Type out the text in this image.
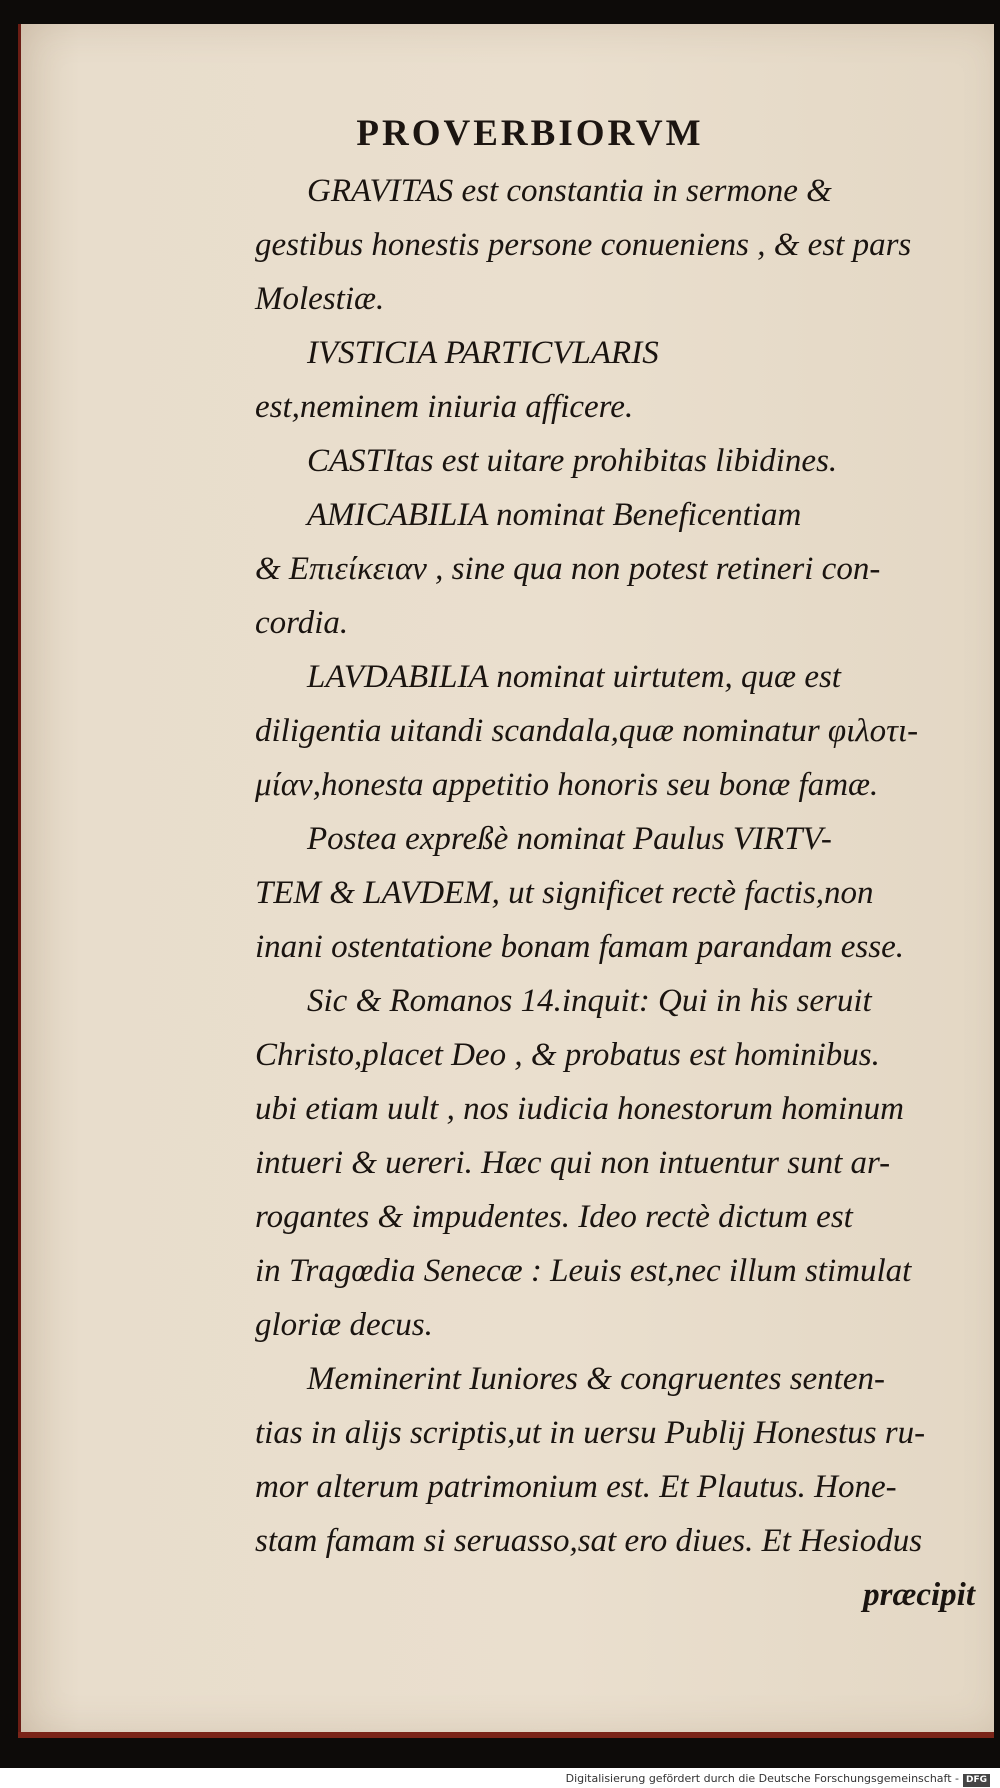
PROVERBIORVM
GRAVITAS est constantia in sermone &
gestibus honestis persone conueniens , & est pars
Molestiæ.
IVSTICIA PARTICVLARIS
est,neminem iniuria afficere.
CASTItas est uitare prohibitas libidines.
AMICABILIA nominat Beneficentiam
& Επιείκειαν , sine qua non potest retineri con-
cordia.
LAVDABILIA nominat uirtutem, quæ est
diligentia uitandi scandala,quæ nominatur φιλοτι-
μίαν,honesta appetitio honoris seu bonæ famæ.
Postea expreßè nominat Paulus VIRTV-
TEM & LAVDEM, ut significet rectè factis,non
inani ostentatione bonam famam parandam esse.
Sic & Romanos 14.inquit: Qui in his seruit
Christo,placet Deo , & probatus est hominibus.
ubi etiam uult , nos iudicia honestorum hominum
intueri & uereri. Hæc qui non intuentur sunt ar-
rogantes & impudentes. Ideo rectè dictum est
in Tragœdia Senecæ : Leuis est,nec illum stimulat
gloriæ decus.
Meminerint Iuniores & congruentes senten-
tias in alijs scriptis,ut in uersu Publij Honestus ru-
mor alterum patrimonium est. Et Plautus. Hone-
stam famam si seruasso,sat ero diues. Et Hesiodus
præcipit
Digitalisierung gefördert durch die Deutsche Forschungsgemeinschaft - DFG
